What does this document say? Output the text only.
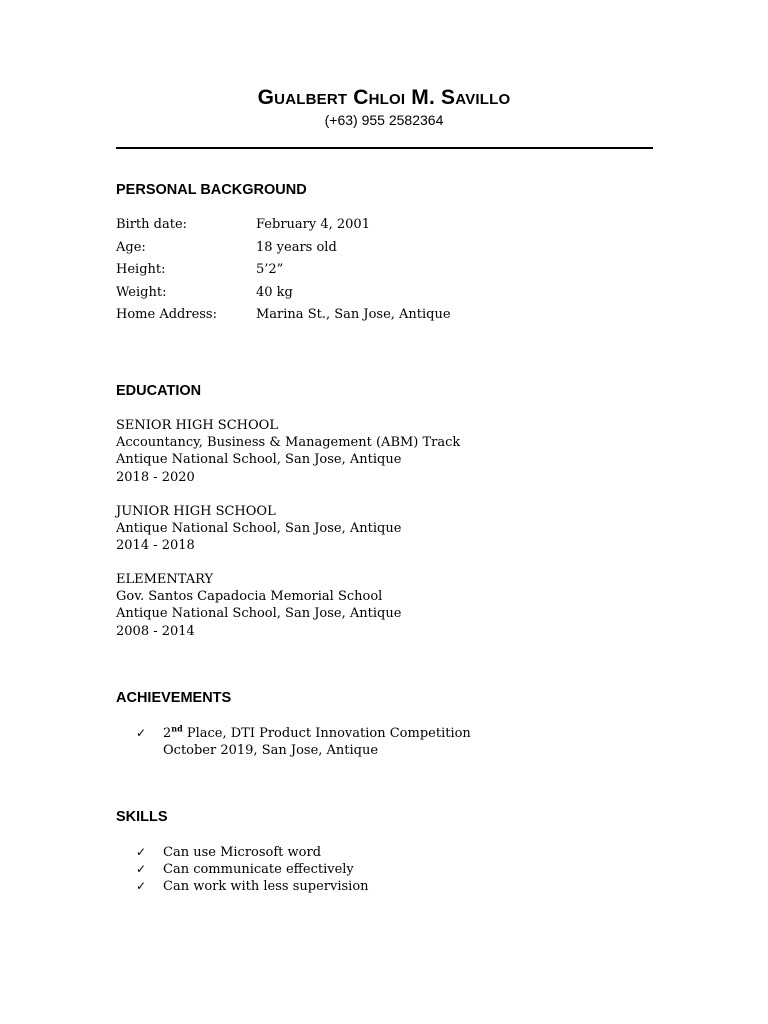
Gualbert Chloi M. Savillo
(+63) 955 2582364
PERSONAL BACKGROUND
Birth date:	February 4, 2001
Age:	18 years old
Height:	5’2”
Weight:	40 kg
Home Address:	Marina St., San Jose, Antique
EDUCATION
SENIOR HIGH SCHOOL
Accountancy, Business & Management (ABM) Track
Antique National School, San Jose, Antique
2018 - 2020
JUNIOR HIGH SCHOOL
Antique National School, San Jose, Antique
2014 - 2018
ELEMENTARY
Gov. Santos Capadocia Memorial School
Antique National School, San Jose, Antique
2008 - 2014
ACHIEVEMENTS
✓ 2nd Place, DTI Product Innovation Competition
October 2019, San Jose, Antique
SKILLS
✓ Can use Microsoft word
✓ Can communicate effectively
✓ Can work with less supervision
